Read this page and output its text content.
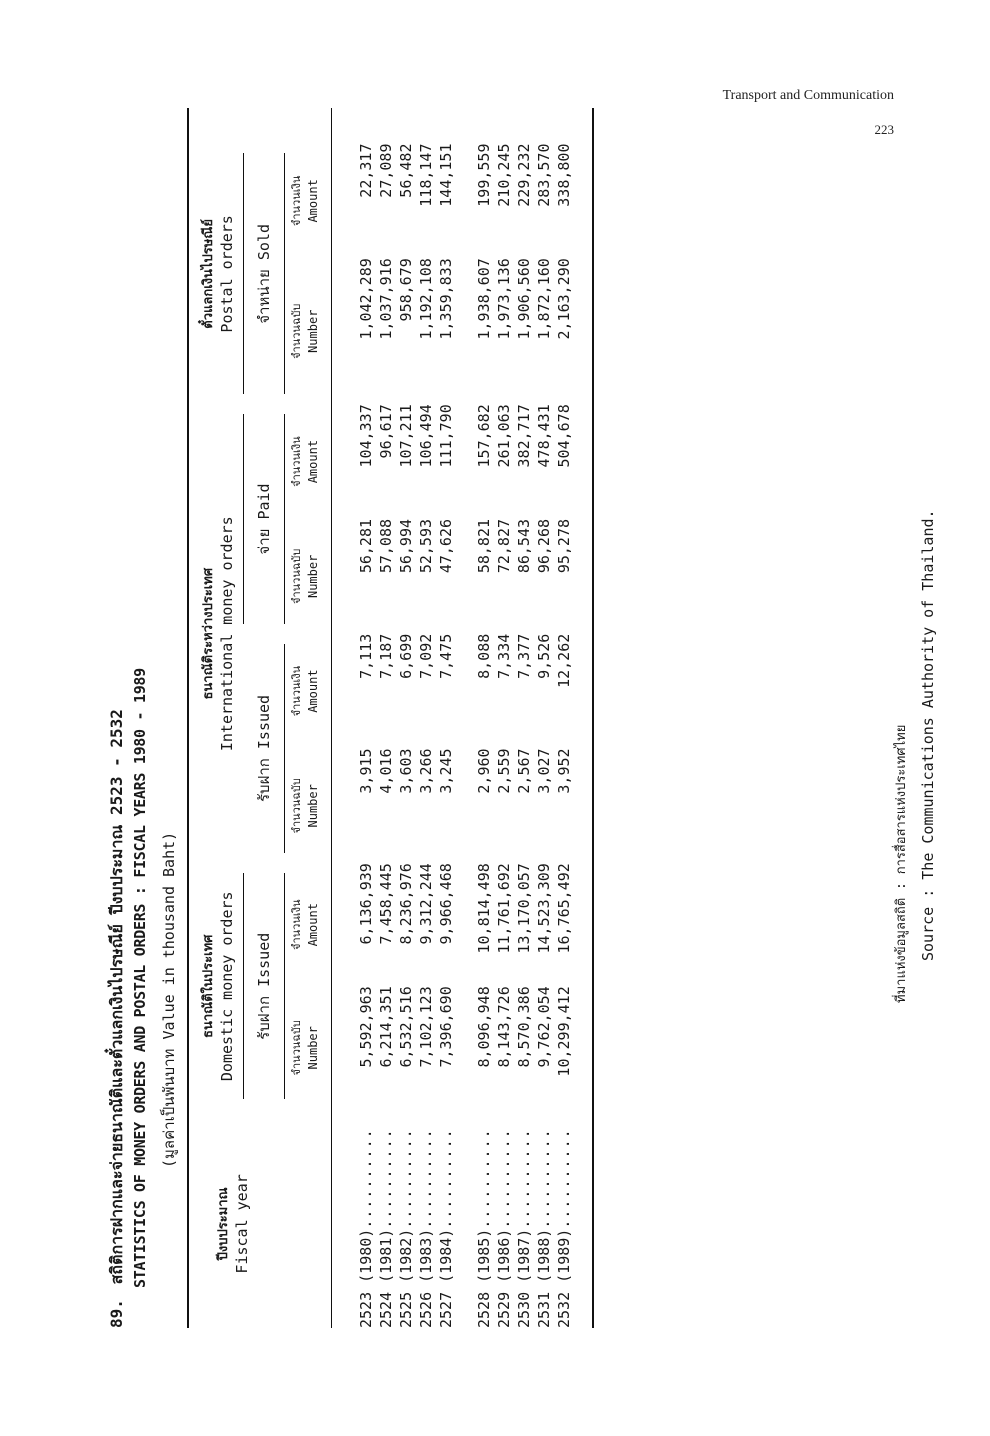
Transport and Communication
223
89. สถิติการฝากและจ่ายธนาณัติและตั๋วแลกเงินไปรษณีย์ ปีงบประมาณ 2523 - 2532 STATISTICS OF MONEY ORDERS AND POSTAL ORDERS : FISCAL YEARS 1980 - 1989 (มูลค่าเป็นพันบาท Value in thousand Baht)
ปีงบประมาณ Fiscal year		ธนาณัติในประเทศ Domestic money orders		ธนาณัติระหว่างประเทศ International money orders				ตั๋วแลกเงินไปรษณีย์ Postal orders		

รับฝาก Issued		รับฝาก Issued		จ่าย Paid		จำหน่าย Sold	

		จำนวนฉบับ Number	จำนวนเงิน Amount	จำนวนฉบับ Number	จำนวนเงิน Amount	จำนวนฉบับ Number	จำนวนเงิน Amount	จำนวนฉบับ Number	จำนวนเงิน Amount	

2523 (1980)..........		5,592,963	6,136,939	3,915	7,113	56,281	104,337	1,042,289	22,317	
2524 (1981)..........		6,214,351	7,458,445	4,016	7,187	57,088	96,617	1,037,916	27,089	
2525 (1982)..........		6,532,516	8,236,976	3,603	6,699	56,994	107,211	958,679	56,482	
2526 (1983)..........		7,102,123	9,312,244	3,266	7,092	52,593	106,494	1,192,108	118,147	
2527 (1984)..........		7,396,690	9,966,468	3,245	7,475	47,626	111,790	1,359,833	144,151	

2528 (1985)..........		8,096,948	10,814,498	2,960	8,088	58,821	157,682	1,938,607	199,559	
2529 (1986)..........		8,143,726	11,761,692	2,559	7,334	72,827	261,063	1,973,136	210,245	
2530 (1987)..........		8,570,386	13,170,057	2,567	7,377	86,543	382,717	1,906,560	229,232	
2531 (1988)..........		9,762,054	14,523,309	3,027	9,526	96,268	478,431	1,872,160	283,570	
2532 (1989)..........		10,299,412	16,765,492	3,952	12,262	95,278	504,678	2,163,290	338,800	

ที่มาแห่งข้อมูลสถิติ : การสื่อสารแห่งประเทศไทย Source : The Communications Authority of Thailand.
